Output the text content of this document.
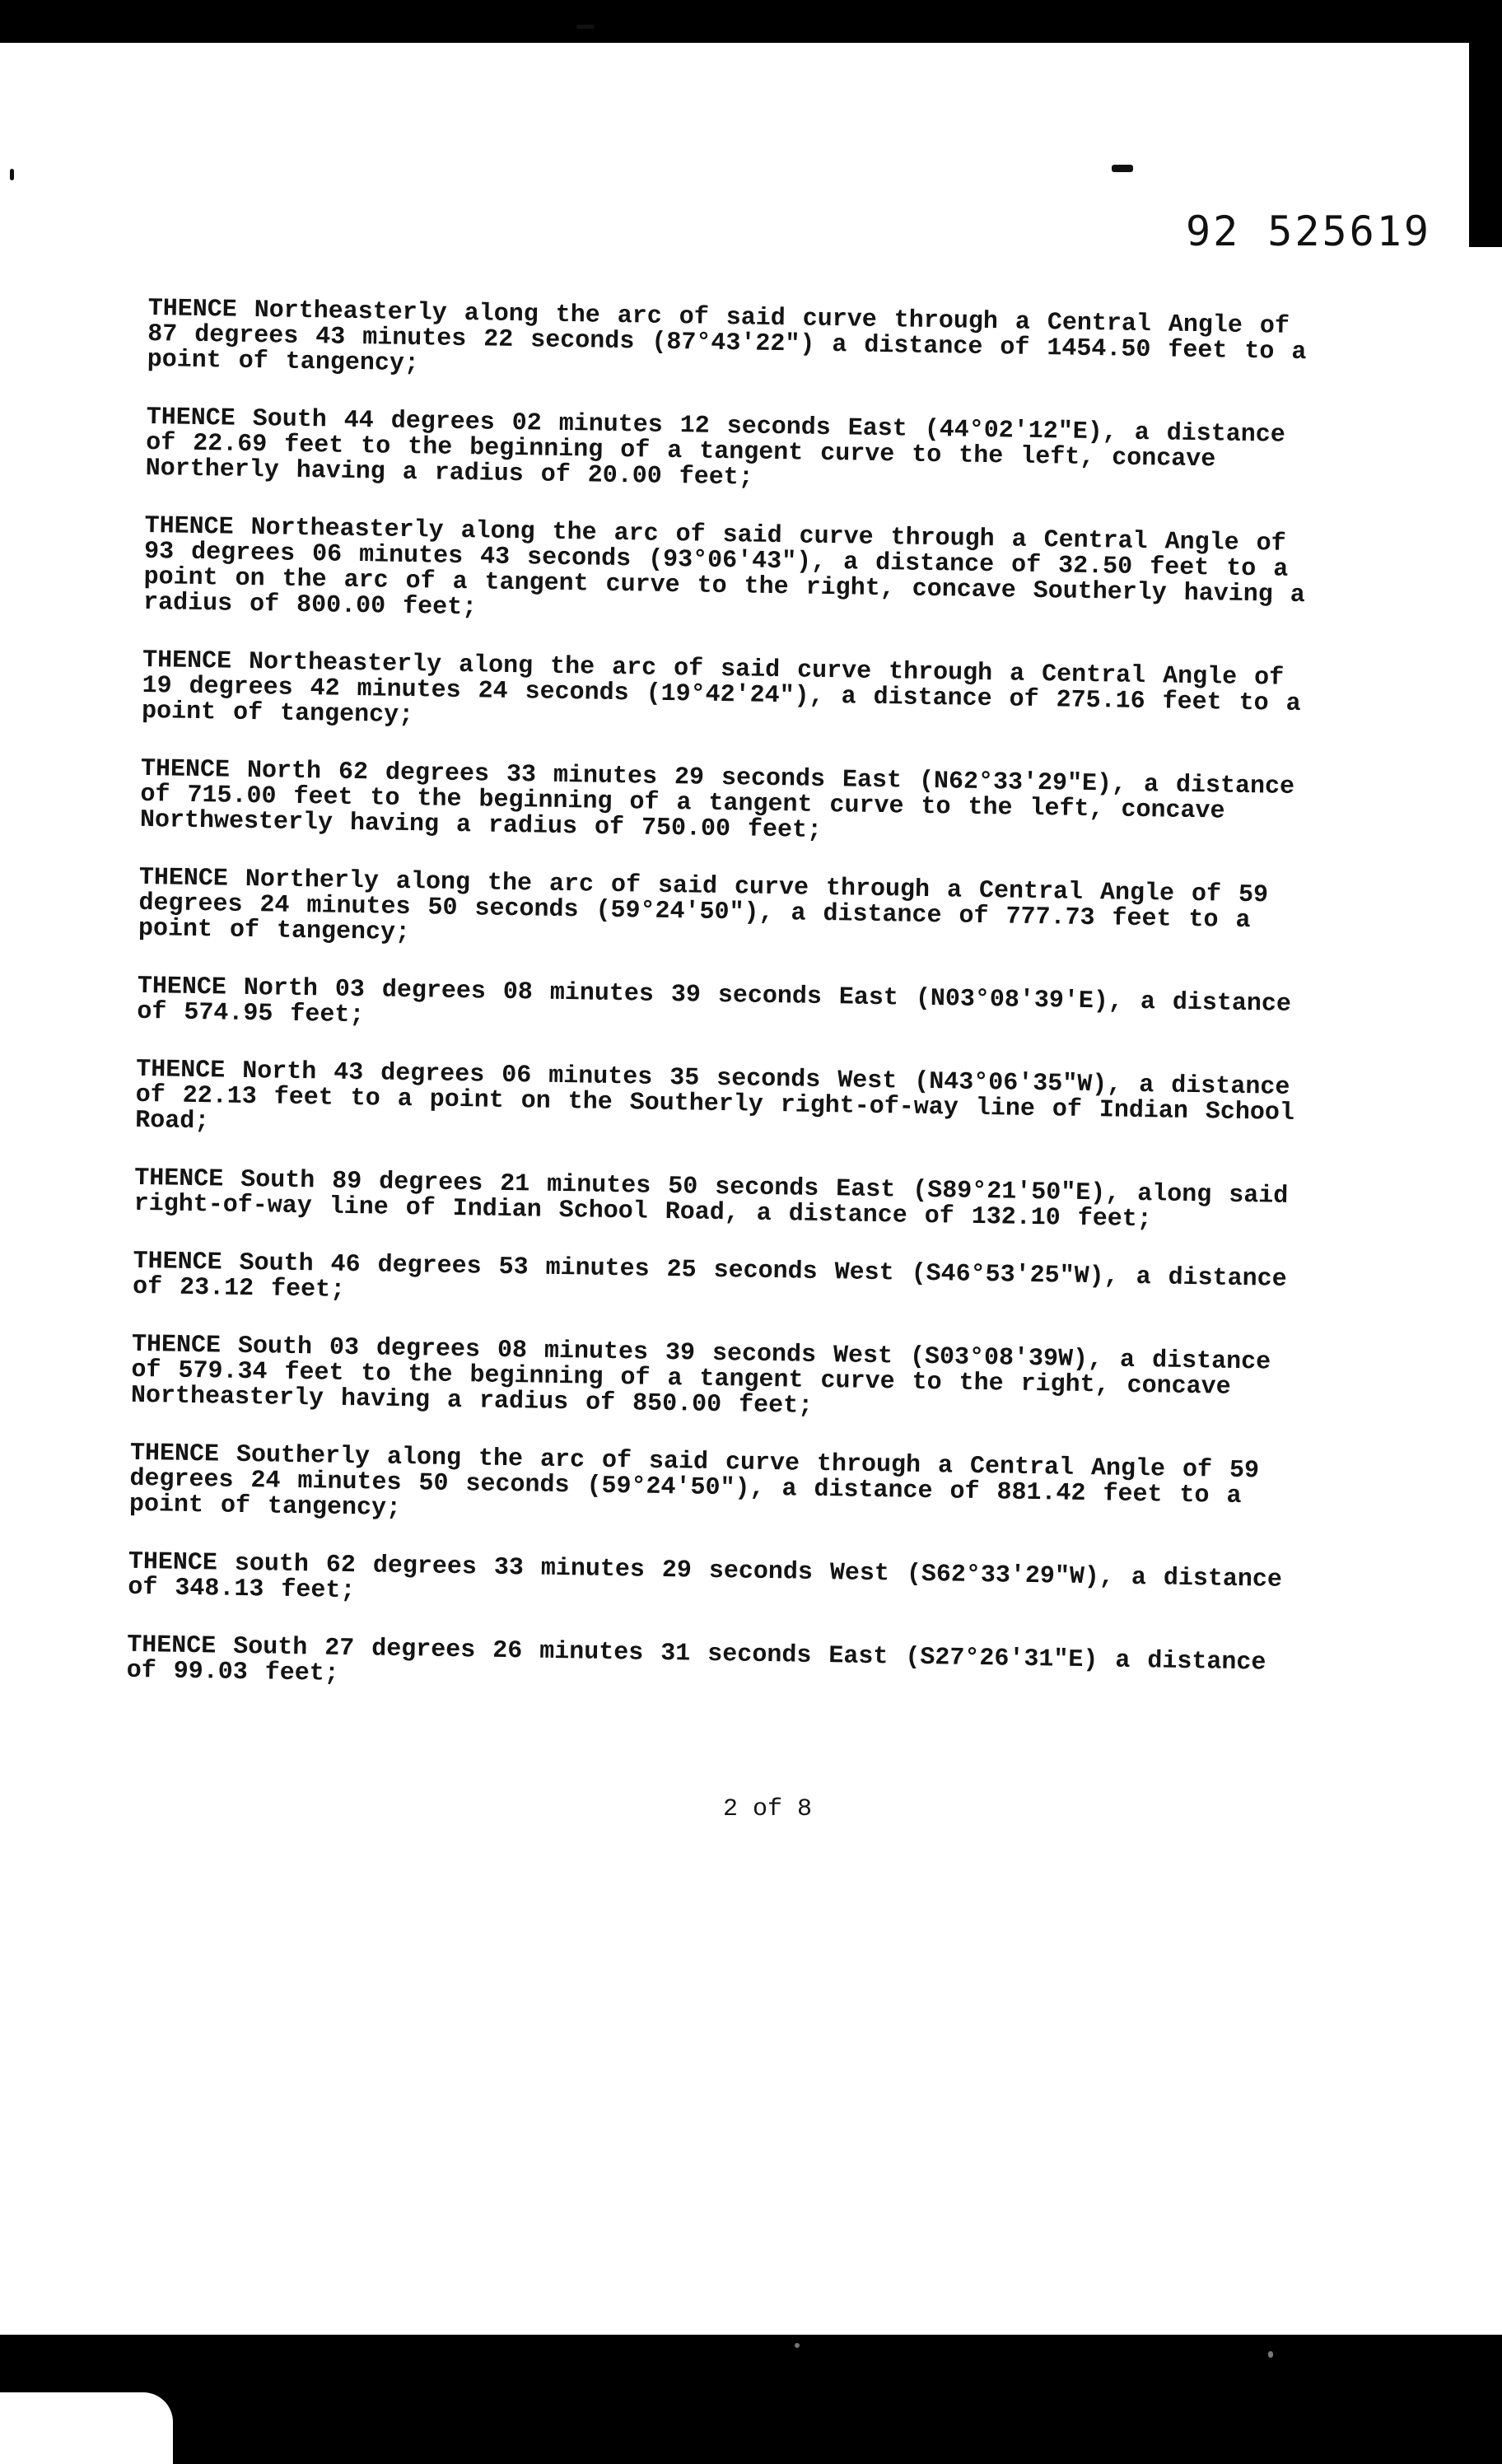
92 525619

THENCE Northeasterly along the arc of said curve through a Central Angle of 87 degrees 43 minutes 22 seconds (87°43'22") a distance of 1454.50 feet to a point of tangency;

THENCE South 44 degrees 02 minutes 12 seconds East (44°02'12"E), a distance of 22.69 feet to the beginning of a tangent curve to the left, concave Northerly having a radius of 20.00 feet;

THENCE Northeasterly along the arc of said curve through a Central Angle of 93 degrees 06 minutes 43 seconds (93°06'43"), a distance of 32.50 feet to a point on the arc of a tangent curve to the right, concave Southerly having a radius of 800.00 feet;

THENCE Northeasterly along the arc of said curve through a Central Angle of 19 degrees 42 minutes 24 seconds (19°42'24"), a distance of 275.16 feet to a point of tangency;

THENCE North 62 degrees 33 minutes 29 seconds East (N62°33'29"E), a distance of 715.00 feet to the beginning of a tangent curve to the left, concave Northwesterly having a radius of 750.00 feet;

THENCE Northerly along the arc of said curve through a Central Angle of 59 degrees 24 minutes 50 seconds (59°24'50"), a distance of 777.73 feet to a point of tangency;

THENCE North 03 degrees 08 minutes 39 seconds East (N03°08'39'E), a distance of 574.95 feet;

THENCE North 43 degrees 06 minutes 35 seconds West (N43°06'35"W), a distance of 22.13 feet to a point on the Southerly right-of-way line of Indian School Road;

THENCE South 89 degrees 21 minutes 50 seconds East (S89°21'50"E), along said right-of-way line of Indian School Road, a distance of 132.10 feet;

THENCE South 46 degrees 53 minutes 25 seconds West (S46°53'25"W), a distance of 23.12 feet;

THENCE South 03 degrees 08 minutes 39 seconds West (S03°08'39W), a distance of 579.34 feet to the beginning of a tangent curve to the right, concave Northeasterly having a radius of 850.00 feet;

THENCE Southerly along the arc of said curve through a Central Angle of 59 degrees 24 minutes 50 seconds (59°24'50"), a distance of 881.42 feet to a point of tangency;

THENCE south 62 degrees 33 minutes 29 seconds West (S62°33'29"W), a distance of 348.13 feet;

THENCE South 27 degrees 26 minutes 31 seconds East (S27°26'31"E) a distance of 99.03 feet;

2 of 8
